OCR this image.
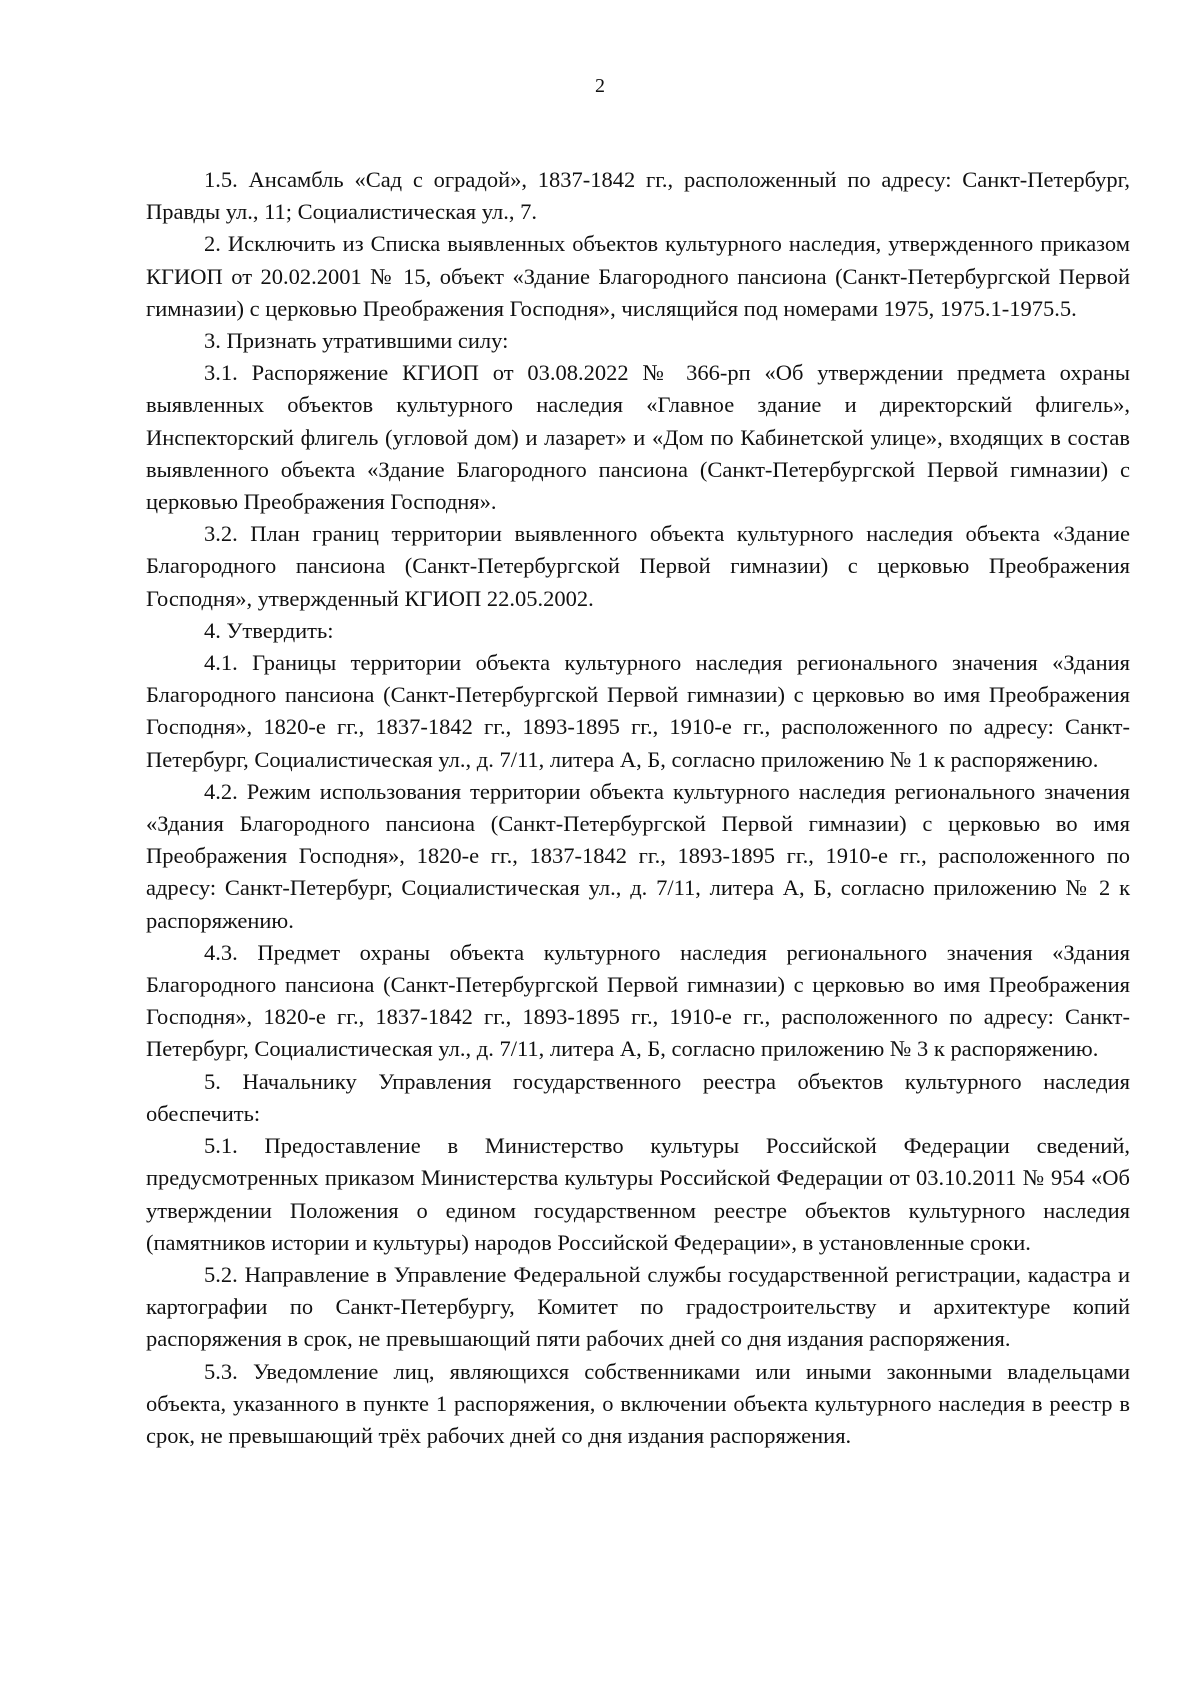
2

1.5. Ансамбль «Сад с оградой», 1837-1842 гг., расположенный по адресу: Санкт-Петербург, Правды ул., 11; Социалистическая ул., 7.

2. Исключить из Списка выявленных объектов культурного наследия, утвержденного приказом КГИОП от 20.02.2001 № 15, объект «Здание Благородного пансиона (Санкт-Петербургской Первой гимназии) с церковью Преображения Господня», числящийся под номерами 1975, 1975.1-1975.5.

3. Признать утратившими силу:

3.1. Распоряжение КГИОП от 03.08.2022 № 366-рп «Об утверждении предмета охраны выявленных объектов культурного наследия «Главное здание и директорский флигель», Инспекторский флигель (угловой дом) и лазарет» и «Дом по Кабинетской улице», входящих в состав выявленного объекта «Здание Благородного пансиона (Санкт-Петербургской Первой гимназии) с церковью Преображения Господня».

3.2. План границ территории выявленного объекта культурного наследия объекта «Здание Благородного пансиона (Санкт-Петербургской Первой гимназии) с церковью Преображения Господня», утвержденный КГИОП 22.05.2002.

4. Утвердить:

4.1. Границы территории объекта культурного наследия регионального значения «Здания Благородного пансиона (Санкт-Петербургской Первой гимназии) с церковью во имя Преображения Господня», 1820-е гг., 1837-1842 гг., 1893-1895 гг., 1910-е гг., расположенного по адресу: Санкт-Петербург, Социалистическая ул., д. 7/11, литера А, Б, согласно приложению № 1 к распоряжению.

4.2. Режим использования территории объекта культурного наследия регионального значения «Здания Благородного пансиона (Санкт-Петербургской Первой гимназии) с церковью во имя Преображения Господня», 1820-е гг., 1837-1842 гг., 1893-1895 гг., 1910-е гг., расположенного по адресу: Санкт-Петербург, Социалистическая ул., д. 7/11, литера А, Б, согласно приложению № 2 к распоряжению.

4.3. Предмет охраны объекта культурного наследия регионального значения «Здания Благородного пансиона (Санкт-Петербургской Первой гимназии) с церковью во имя Преображения Господня», 1820-е гг., 1837-1842 гг., 1893-1895 гг., 1910-е гг., расположенного по адресу: Санкт-Петербург, Социалистическая ул., д. 7/11, литера А, Б, согласно приложению № 3 к распоряжению.

5. Начальнику Управления государственного реестра объектов культурного наследия обеспечить:

5.1. Предоставление в Министерство культуры Российской Федерации сведений, предусмотренных приказом Министерства культуры Российской Федерации от 03.10.2011 № 954 «Об утверждении Положения о едином государственном реестре объектов культурного наследия (памятников истории и культуры) народов Российской Федерации», в установленные сроки.

5.2. Направление в Управление Федеральной службы государственной регистрации, кадастра и картографии по Санкт-Петербургу, Комитет по градостроительству и архитектуре копий распоряжения в срок, не превышающий пяти рабочих дней со дня издания распоряжения.

5.3. Уведомление лиц, являющихся собственниками или иными законными владельцами объекта, указанного в пункте 1 распоряжения, о включении объекта культурного наследия в реестр в срок, не превышающий трёх рабочих дней со дня издания распоряжения.
